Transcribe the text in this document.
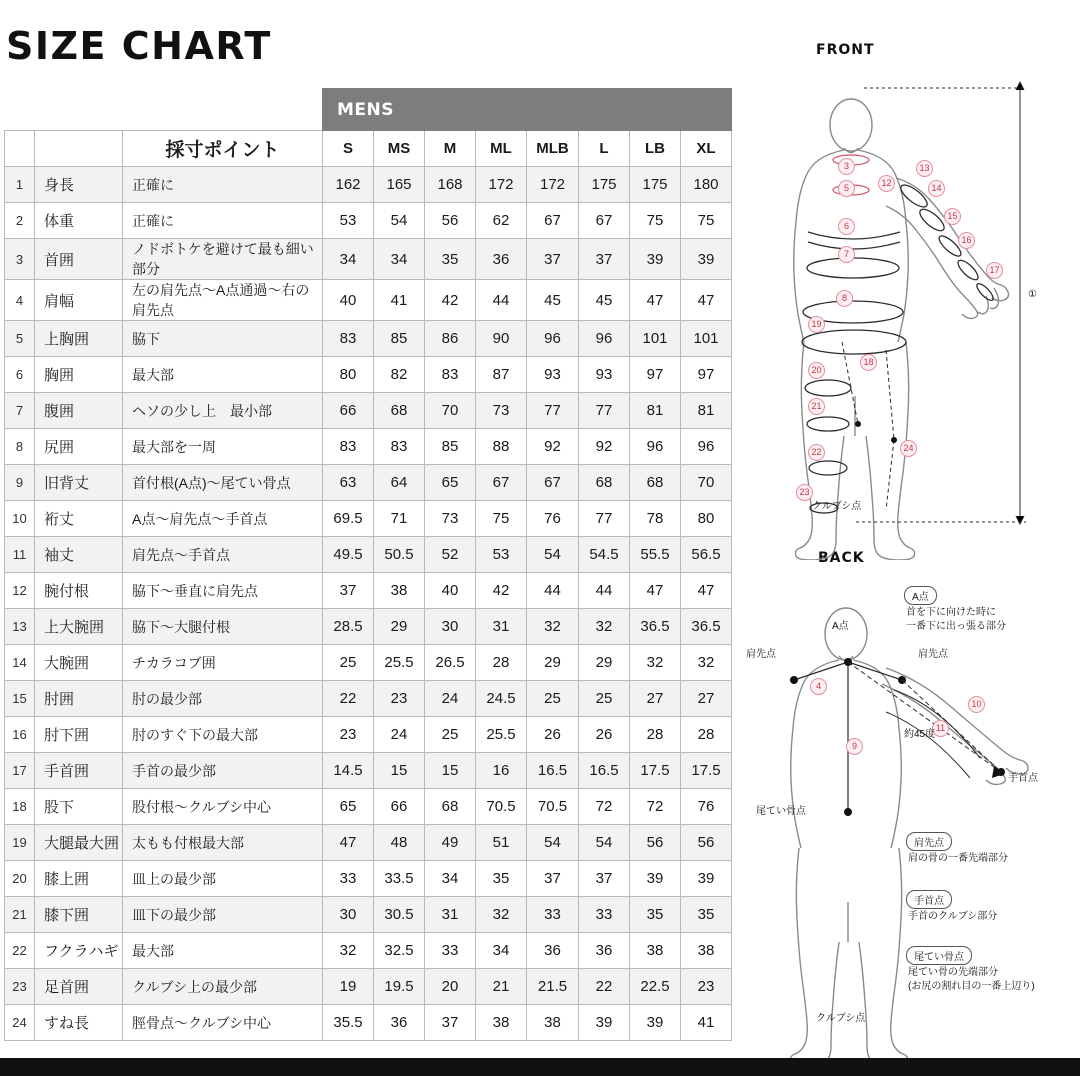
SIZE CHART
			MENS							
		採寸ポイント	S	MS	M	ML	MLB	L	LB	XL
1	身長	正確に	162	165	168	172	172	175	175	180
2	体重	正確に	53	54	56	62	67	67	75	75
3	首囲	ノドボトケを避けて最も細い部分	34	34	35	36	37	37	39	39
4	肩幅	左の肩先点〜A点通過〜右の肩先点	40	41	42	44	45	45	47	47
5	上胸囲	脇下	83	85	86	90	96	96	101	101
6	胸囲	最大部	80	82	83	87	93	93	97	97
7	腹囲	ヘソの少し上　最小部	66	68	70	73	77	77	81	81
8	尻囲	最大部を一周	83	83	85	88	92	92	96	96
9	旧背丈	首付根(A点)〜尾てい骨点	63	64	65	67	67	68	68	70
10	裄丈	A点〜肩先点〜手首点	69.5	71	73	75	76	77	78	80
11	袖丈	肩先点〜手首点	49.5	50.5	52	53	54	54.5	55.5	56.5
12	腕付根	脇下〜垂直に肩先点	37	38	40	42	44	44	47	47
13	上大腕囲	脇下〜大腿付根	28.5	29	30	31	32	32	36.5	36.5
14	大腕囲	チカラコブ囲	25	25.5	26.5	28	29	29	32	32
15	肘囲	肘の最少部	22	23	24	24.5	25	25	27	27
16	肘下囲	肘のすぐ下の最大部	23	24	25	25.5	26	26	28	28
17	手首囲	手首の最少部	14.5	15	15	16	16.5	16.5	17.5	17.5
18	股下	股付根〜クルブシ中心	65	66	68	70.5	70.5	72	72	76
19	大腿最大囲	太もも付根最大部	47	48	49	51	54	54	56	56
20	膝上囲	皿上の最少部	33	33.5	34	35	37	37	39	39
21	膝下囲	皿下の最少部	30	30.5	31	32	33	33	35	35
22	フクラハギ	最大部	32	32.5	33	34	36	36	38	38
23	足首囲	クルブシ上の最少部	19	19.5	20	21	21.5	22	22.5	23
24	すね長	脛骨点〜クルブシ中心	35.5	36	37	38	38	39	39	41
FRONT
BACK
3
5
6
7
8
12
13
14
15
16
17
19
18
20
21
22
23
24
4
9
10
11
クルブシ点
①
A点
肩先点	肩先点
尾てい骨点
手首点
約45度
クルブシ点
A点
首を下に向けた時に
一番下に出っ張る部分
肩先点
肩の骨の一番先端部分
手首点
手首のクルブシ部分
尾てい骨点
尾てい骨の先端部分
(お尻の割れ目の一番上辺り)
